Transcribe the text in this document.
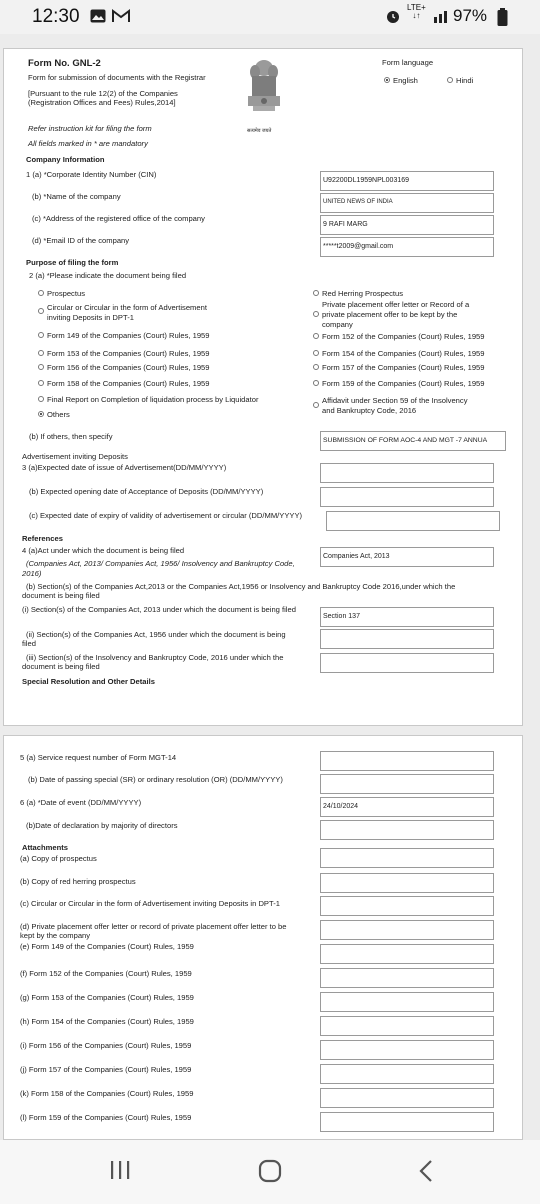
12:30	LTE+
↓↑	97%
Form No. GNL-2
Form for submission of documents with the Registrar
[Pursuant to the rule 12(2) of the Companies
(Registration Offices and Fees) Rules,2014]
सत्यमेव जयते
Form language
English	Hindi
Refer instruction kit for filing the form
All fields marked in * are mandatory
Company Information
1 (a) *Corporate Identity Number (CIN)
U92200DL1959NPL003169
(b) *Name of the company
UNITED NEWS OF INDIA
(c) *Address of the registered office of the company
9 RAFI MARG
(d) *Email ID of the company
*****t2009@gmail.com
Purpose of filing the form
2 (a) *Please indicate the document being filed
Prospectus
Circular or Circular in the form of Advertisement
inviting Deposits in DPT-1
Form 149 of the Companies (Court) Rules, 1959
Form 153 of the Companies (Court) Rules, 1959
Form 156 of the Companies (Court) Rules, 1959
Form 158 of the Companies (Court) Rules, 1959
Final Report on Completion of liquidation process by Liquidator
Others
Red Herring Prospectus
Private placement offer letter or Record of a
private placement offer to be kept by the
company
Form 152 of the Companies (Court) Rules, 1959
Form 154 of the Companies (Court) Rules, 1959
Form 157 of the Companies (Court) Rules, 1959
Form 159 of the Companies (Court) Rules, 1959
Affidavit under Section 59 of the Insolvency
and Bankruptcy Code, 2016
(b) If others, then specify	SUBMISSION OF FORM AOC-4 AND MGT -7 ANNUA
Advertisement inviting Deposits
3 (a)Expected date of issue of Advertisement(DD/MM/YYYY)
(b) Expected opening date of Acceptance of Deposits (DD/MM/YYYY)
(c) Expected date of expiry of validity of advertisement or circular (DD/MM/YYYY)
References
4 (a)Act under which the document is being filed
(Companies Act, 2013/ Companies Act, 1956/ Insolvency and Bankruptcy Code,
2016)
Companies Act, 2013
(b) Section(s) of the Companies Act,2013 or the Companies Act,1956 or Insolvency and Bankruptcy Code 2016,under which the
document is being filed
(i) Section(s) of the Companies Act, 2013 under which the document is being filed
Section 137
(ii) Section(s) of the Companies Act, 1956 under which the document is being
filed
(iii) Section(s) of the Insolvency and Bankruptcy Code, 2016 under which the
document is being filed
Special Resolution and Other Details
5 (a) Service request number of Form MGT-14
(b) Date of passing special (SR) or ordinary resolution (OR) (DD/MM/YYYY)
6 (a) *Date of event (DD/MM/YYYY)	24/10/2024
(b)Date of declaration by majority of directors
Attachments
(a) Copy of prospectus
(b) Copy of red herring prospectus
(c) Circular or Circular in the form of Advertisement inviting Deposits in DPT-1
(d) Private placement offer letter or record of private placement offer letter to be
kept by the company
(e) Form 149 of the Companies (Court) Rules, 1959
(f) Form 152 of the Companies (Court) Rules, 1959
(g) Form 153 of the Companies (Court) Rules, 1959
(h) Form 154 of the Companies (Court) Rules, 1959
(i) Form 156 of the Companies (Court) Rules, 1959
(j) Form 157 of the Companies (Court) Rules, 1959
(k) Form 158 of the Companies (Court) Rules, 1959
(l) Form 159 of the Companies (Court) Rules, 1959
